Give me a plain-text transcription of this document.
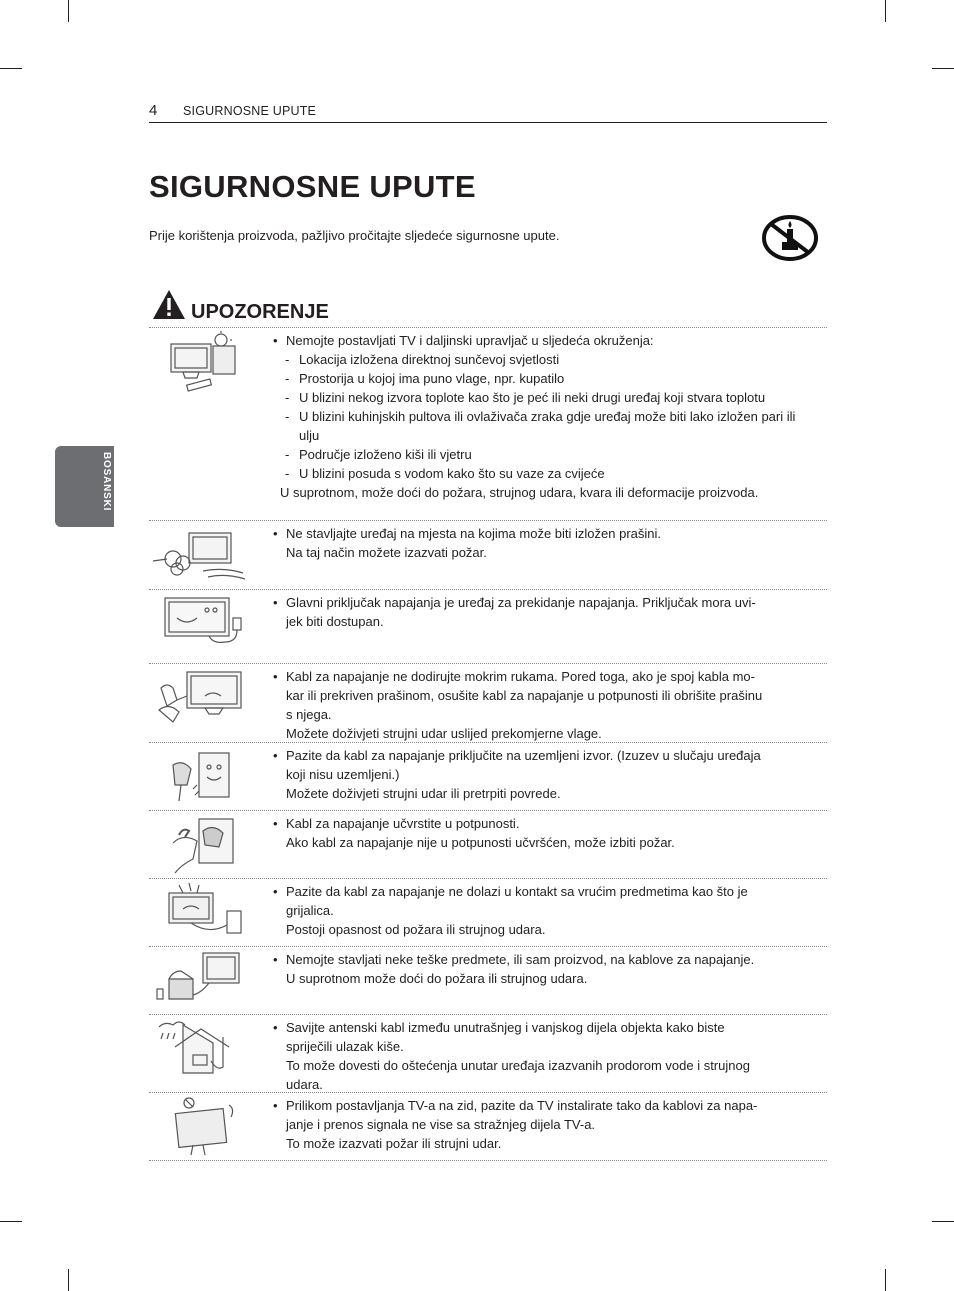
4 SIGURNOSNE UPUTE
BOSANSKI
SIGURNOSNE UPUTE
Prije korištenja proizvoda, pažljivo pročitajte sljedeće sigurnosne upute.
UPOZORENJE
• Nemojte postavljati TV i daljinski upravljač u sljedeća okruženja:
- Lokacija izložena direktnoj sunčevoj svjetlosti
- Prostorija u kojoj ima puno vlage, npr. kupatilo
- U blizini nekog izvora toplote kao što je peć ili neki drugi uređaj koji stvara toplotu
- U blizini kuhinjskih pultova ili ovlaživača zraka gdje uređaj može biti lako izložen pari ili ulju
- Područje izloženo kiši ili vjetru
- U blizini posuda s vodom kako što su vaze za cvijeće
U suprotnom, može doći do požara, strujnog udara, kvara ili deformacije proizvoda.
• Ne stavljajte uređaj na mjesta na kojima može biti izložen prašini.
Na taj način možete izazvati požar.
• Glavni priključak napajanja je uređaj za prekidanje napajanja. Priključak mora uvi-
jek biti dostupan.
• Kabl za napajanje ne dodirujte mokrim rukama. Pored toga, ako je spoj kabla mo-
kar ili prekriven prašinom, osušite kabl za napajanje u potpunosti ili obrišite prašinu
s njega.
Možete doživjeti strujni udar uslijed prekomjerne vlage.
• Pazite da kabl za napajanje priključite na uzemljeni izvor. (Izuzev u slučaju uređaja
koji nisu uzemljeni.)
Možete doživjeti strujni udar ili pretrpiti povrede.
• Kabl za napajanje učvrstite u potpunosti.
Ako kabl za napajanje nije u potpunosti učvršćen, može izbiti požar.
• Pazite da kabl za napajanje ne dolazi u kontakt sa vrućim predmetima kao što je
grijalica.
Postoji opasnost od požara ili strujnog udara.
• Nemojte stavljati neke teške predmete, ili sam proizvod, na kablove za napajanje.
U suprotnom može doći do požara ili strujnog udara.
• Savijte antenski kabl između unutrašnjeg i vanjskog dijela objekta kako biste
spriječili ulazak kiše.
To može dovesti do oštećenja unutar uređaja izazvanih prodorom vode i strujnog
udara.
• Prilikom postavljanja TV-a na zid, pazite da TV instalirate tako da kablovi za napa-
janje i prenos signala ne vise sa stražnjeg dijela TV-a.
To može izazvati požar ili strujni udar.
